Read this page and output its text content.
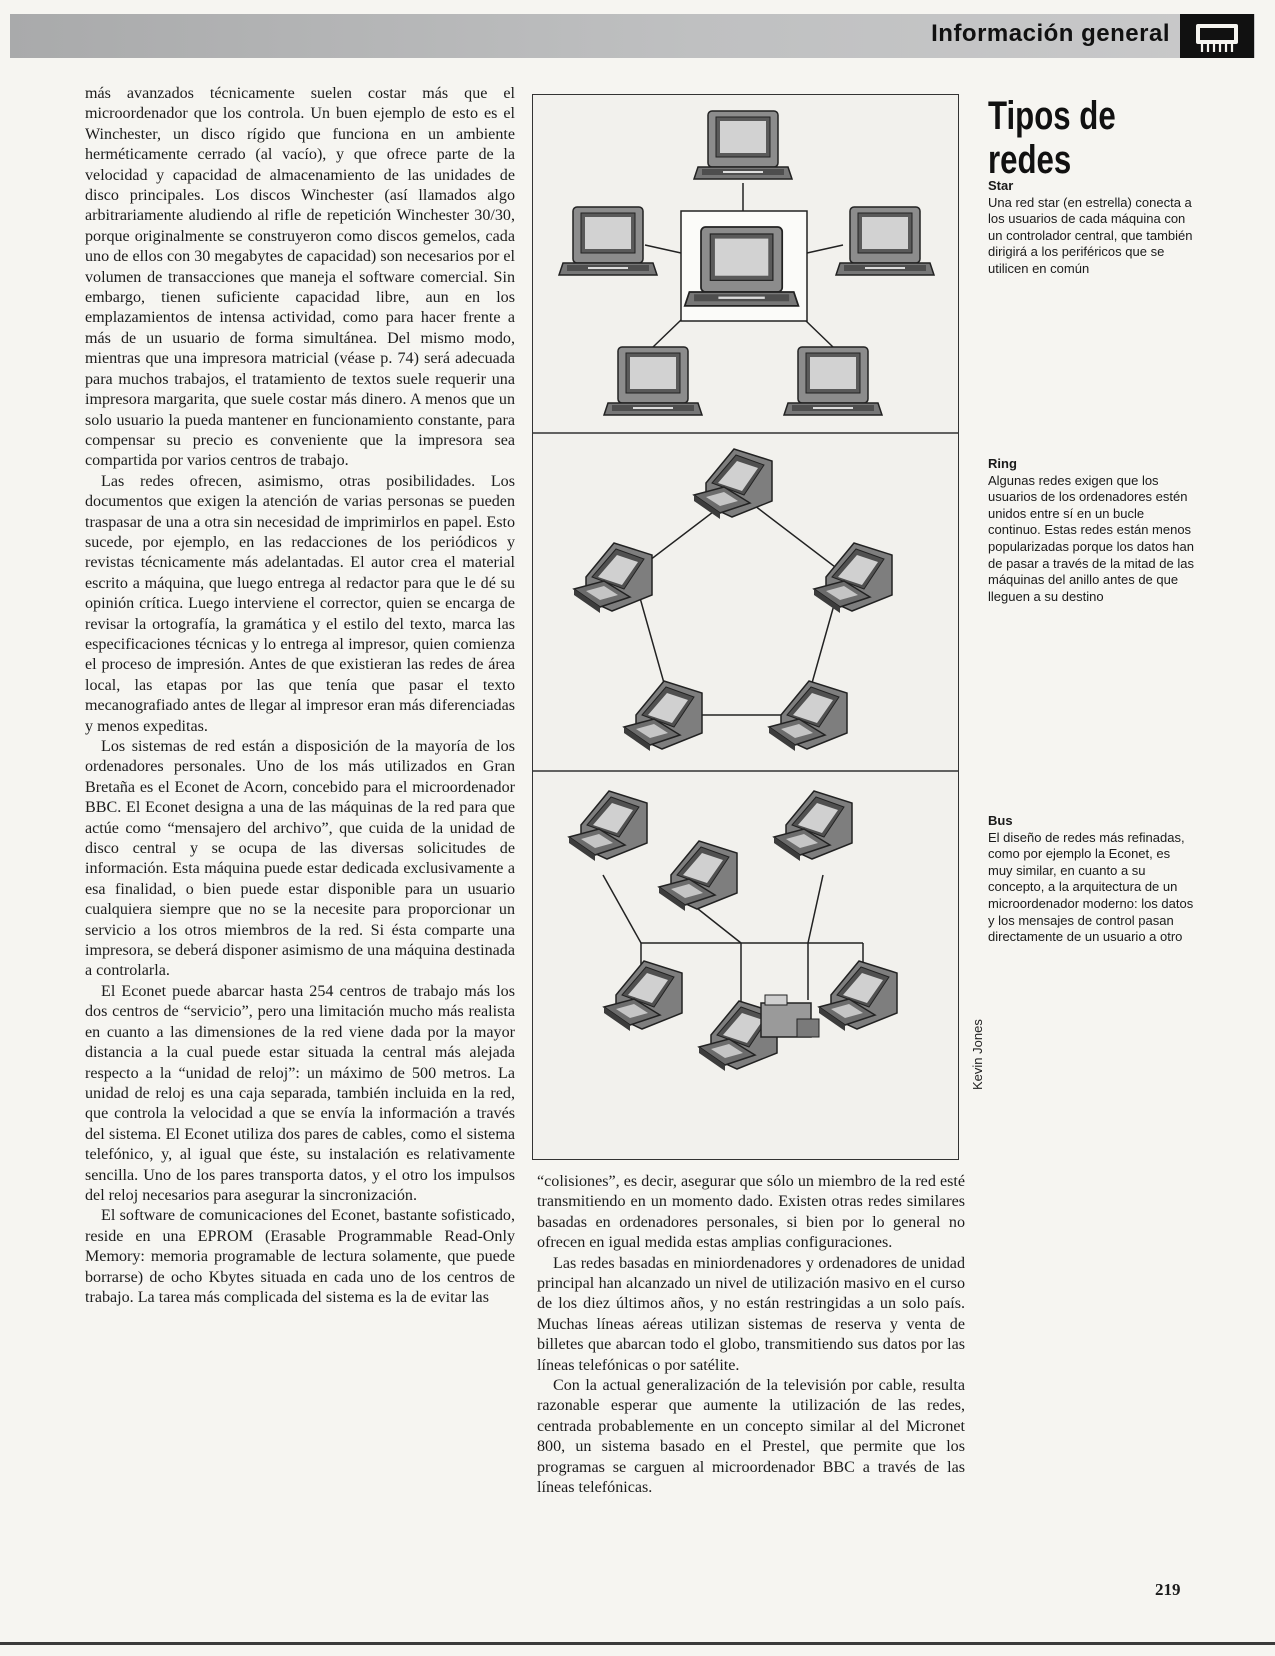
Información general

más avanzados técnicamente suelen costar más que el microordenador que los controla. Un buen ejemplo de esto es el Winchester, un disco rígido que funciona en un ambiente herméticamente cerrado (al vacío), y que ofrece parte de la velocidad y capacidad de almacenamiento de las unidades de disco principales. Los discos Winchester (así llamados algo arbitrariamente aludiendo al rifle de repetición Winchester 30/30, porque originalmente se construyeron como discos gemelos, cada uno de ellos con 30 megabytes de capacidad) son necesarios por el volumen de transacciones que maneja el software comercial. Sin embargo, tienen suficiente capacidad libre, aun en los emplazamientos de intensa actividad, como para hacer frente a más de un usuario de forma simultánea. Del mismo modo, mientras que una impresora matricial (véase p. 74) será adecuada para muchos trabajos, el tratamiento de textos suele requerir una impresora margarita, que suele costar más dinero. A menos que un solo usuario la pueda mantener en funcionamiento constante, para compensar su precio es conveniente que la impresora sea compartida por varios centros de trabajo.

Las redes ofrecen, asimismo, otras posibilidades. Los documentos que exigen la atención de varias personas se pueden traspasar de una a otra sin necesidad de imprimirlos en papel. Esto sucede, por ejemplo, en las redacciones de los periódicos y revistas técnicamente más adelantadas. El autor crea el material escrito a máquina, que luego entrega al redactor para que le dé su opinión crítica. Luego interviene el corrector, quien se encarga de revisar la ortografía, la gramática y el estilo del texto, marca las especificaciones técnicas y lo entrega al impresor, quien comienza el proceso de impresión. Antes de que existieran las redes de área local, las etapas por las que tenía que pasar el texto mecanografiado antes de llegar al impresor eran más diferenciadas y menos expeditas.

Los sistemas de red están a disposición de la mayoría de los ordenadores personales. Uno de los más utilizados en Gran Bretaña es el Econet de Acorn, concebido para el microordenador BBC. El Econet designa a una de las máquinas de la red para que actúe como “mensajero del archivo”, que cuida de la unidad de disco central y se ocupa de las diversas solicitudes de información. Esta máquina puede estar dedicada exclusivamente a esa finalidad, o bien puede estar disponible para un usuario cualquiera siempre que no se la necesite para proporcionar un servicio a los otros miembros de la red. Si ésta comparte una impresora, se deberá disponer asimismo de una máquina destinada a controlarla.

El Econet puede abarcar hasta 254 centros de trabajo más los dos centros de “servicio”, pero una limitación mucho más realista en cuanto a las dimensiones de la red viene dada por la mayor distancia a la cual puede estar situada la central más alejada respecto a la “unidad de reloj”: un máximo de 500 metros. La unidad de reloj es una caja separada, también incluida en la red, que controla la velocidad a que se envía la información a través del sistema. El Econet utiliza dos pares de cables, como el sistema telefónico, y, al igual que éste, su instalación es relativamente sencilla. Uno de los pares transporta datos, y el otro los impulsos del reloj necesarios para asegurar la sincronización.

El software de comunicaciones del Econet, bastante sofisticado, reside en una EPROM (Erasable Programmable Read-Only Memory: memoria programable de lectura solamente, que puede borrarse) de ocho Kbytes situada en cada uno de los centros de trabajo. La tarea más complicada del sistema es la de evitar las

Kevin Jones
Tipos de
redes
Star
Una red star (en estrella) conecta a los usuarios de cada máquina con un controlador central, que también dirigirá a los periféricos que se utilicen en común
Ring
Algunas redes exigen que los usuarios de los ordenadores estén unidos entre sí en un bucle continuo. Estas redes están menos popularizadas porque los datos han de pasar a través de la mitad de las máquinas del anillo antes de que lleguen a su destino
Bus
El diseño de redes más refinadas, como por ejemplo la Econet, es muy similar, en cuanto a su concepto, a la arquitectura de un microordenador moderno: los datos y los mensajes de control pasan directamente de un usuario a otro

“colisiones”, es decir, asegurar que sólo un miembro de la red esté transmitiendo en un momento dado. Existen otras redes similares basadas en ordenadores personales, si bien por lo general no ofrecen en igual medida estas amplias configuraciones.

Las redes basadas en miniordenadores y ordenadores de unidad principal han alcanzado un nivel de utilización masivo en el curso de los diez últimos años, y no están restringidas a un solo país. Muchas líneas aéreas utilizan sistemas de reserva y venta de billetes que abarcan todo el globo, transmitiendo sus datos por las líneas telefónicas o por satélite.

Con la actual generalización de la televisión por cable, resulta razonable esperar que aumente la utilización de las redes, centrada probablemente en un concepto similar al del Micronet 800, un sistema basado en el Prestel, que permite que los programas se carguen al microordenador BBC a través de las líneas telefónicas.

219
